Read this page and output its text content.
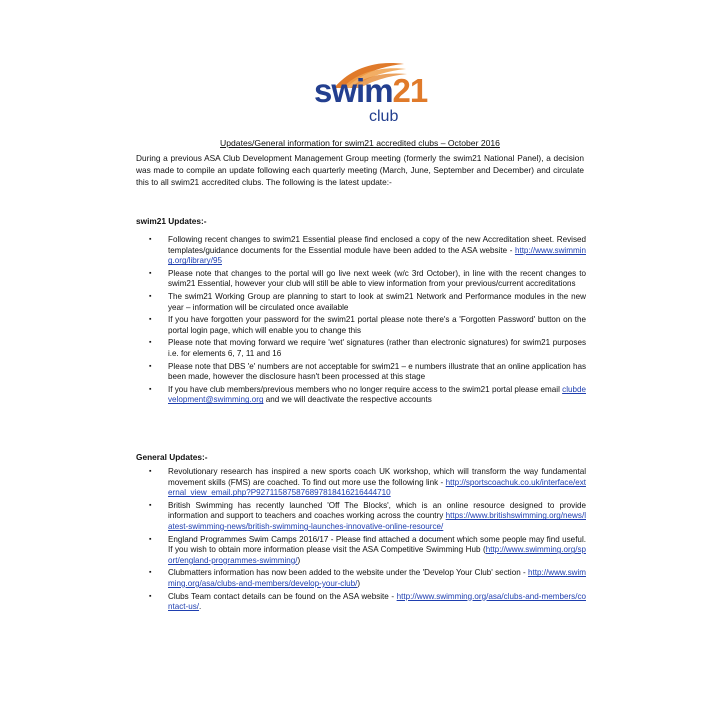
swim21
club
Updates/General information for swim21 accredited clubs – October 2016
During a previous ASA Club Development Management Group meeting (formerly the swim21 National Panel), a decision was made to compile an update following each quarterly meeting (March, June, September and December) and circulate this to all swim21 accredited clubs. The following is the latest update:-
swim21 Updates:-
▪ Following recent changes to swim21 Essential please find enclosed a copy of the new Accreditation sheet. Revised templates/guidance documents for the Essential module have been added to the ASA website - http://www.swimming.org/library/95
▪ Please note that changes to the portal will go live next week (w/c 3rd October), in line with the recent changes to swim21 Essential, however your club will still be able to view information from your previous/current accreditations
▪ The swim21 Working Group are planning to start to look at swim21 Network and Performance modules in the new year – information will be circulated once available
▪ If you have forgotten your password for the swim21 portal please note there's a 'Forgotten Password' button on the portal login page, which will enable you to change this
▪ Please note that moving forward we require 'wet' signatures (rather than electronic signatures) for swim21 purposes i.e. for elements 6, 7, 11 and 16
▪ Please note that DBS 'e' numbers are not acceptable for swim21 – e numbers illustrate that an online application has been made, however the disclosure hasn't been processed at this stage
▪ If you have club members/previous members who no longer require access to the swim21 portal please email clubdevelopment@swimming.org and we will deactivate the respective accounts
General Updates:-
▪ Revolutionary research has inspired a new sports coach UK workshop, which will transform the way fundamental movement skills (FMS) are coached. To find out more use the following link - http://sportscoachuk.co.uk/interface/external_view_email.php?P927115875876897818416216444710
▪ British Swimming has recently launched 'Off The Blocks', which is an online resource designed to provide information and support to teachers and coaches working across the country https://www.britishswimming.org/news/latest-swimming-news/british-swimming-launches-innovative-online-resource/
▪ England Programmes Swim Camps 2016/17 - Please find attached a document which some people may find useful. If you wish to obtain more information please visit the ASA Competitive Swimming Hub (http://www.swimming.org/sport/england-programmes-swimming/)
▪ Clubmatters information has now been added to the website under the 'Develop Your Club' section - http://www.swimming.org/asa/clubs-and-members/develop-your-club/)
▪ Clubs Team contact details can be found on the ASA website - http://www.swimming.org/asa/clubs-and-members/contact-us/.
